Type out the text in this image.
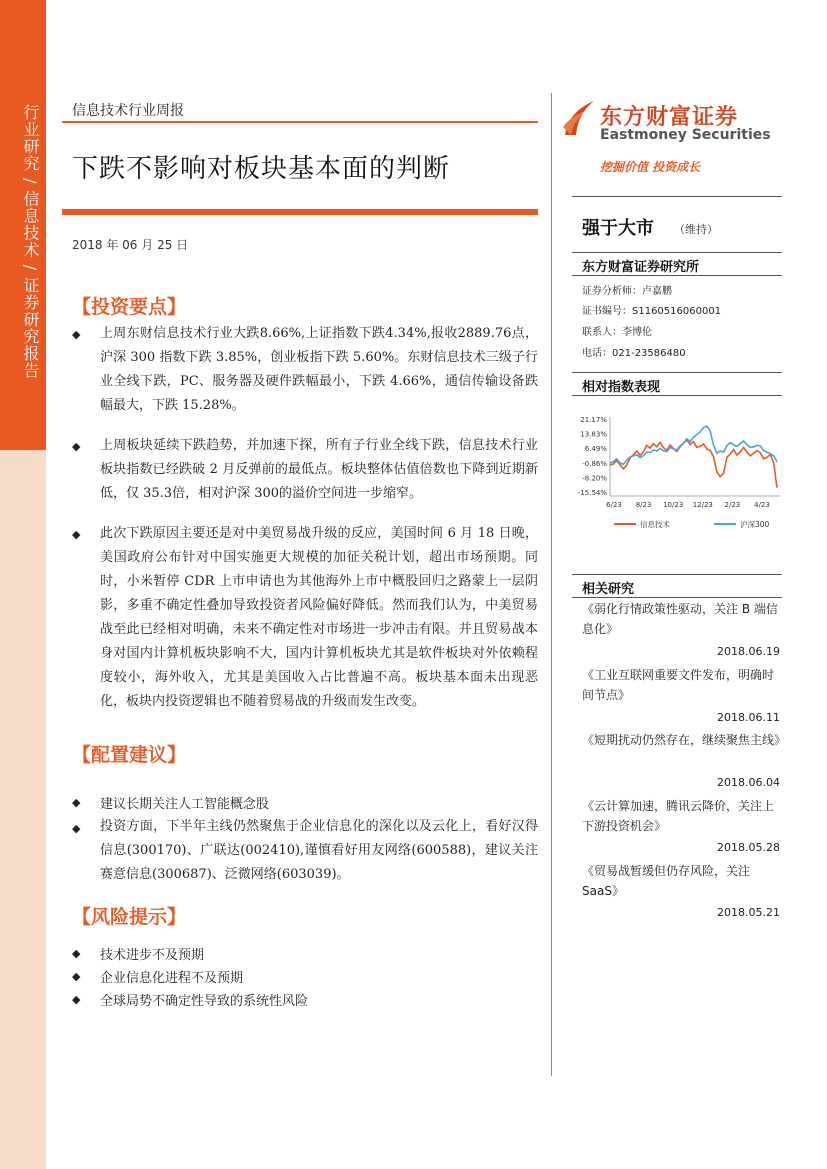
行业研究 / 信息技术 / 证券研究报告 信息技术行业周报
下跌不影响对板块基本面的判断
2018 年 06 月 25 日
【投资要点】
◆ 上周东财信息技术行业大跌8.66%,上证指数下跌4.34%,报收2889.76点，沪深 300 指数下跌 3.85%，创业板指下跌 5.60%。东财信息技术三级子行业全线下跌，PC、服务器及硬件跌幅最小，下跌 4.66%，通信传输设备跌幅最大，下跌 15.28%。
◆ 上周板块延续下跌趋势，并加速下探，所有子行业全线下跌，信息技术行业板块指数已经跌破 2 月反弹前的最低点。板块整体估值倍数也下降到近期新低，仅 35.3倍，相对沪深 300的溢价空间进一步缩窄。
◆ 此次下跌原因主要还是对中美贸易战升级的反应，美国时间 6 月 18 日晚，美国政府公布针对中国实施更大规模的加征关税计划，超出市场预期。同时，小米暂停 CDR 上市申请也为其他海外上市中概股回归之路蒙上一层阴影，多重不确定性叠加导致投资者风险偏好降低。然而我们认为，中美贸易战至此已经相对明确，未来不确定性对市场进一步冲击有限。并且贸易战本身对国内计算机板块影响不大，国内计算机板块尤其是软件板块对外依赖程度较小，海外收入，尤其是美国收入占比普遍不高。板块基本面未出现恶化，板块内投资逻辑也不随着贸易战的升级而发生改变。
【配置建议】
◆ 建议长期关注人工智能概念股
◆ 投资方面，下半年主线仍然聚焦于企业信息化的深化以及云化上，看好汉得信息(300170)、广联达(002410),谨慎看好用友网络(600588)，建议关注赛意信息(300687)、泛微网络(603039)。
【风险提示】
◆ 技术进步不及预期
◆ 企业信息化进程不及预期
◆ 全球局势不确定性导致的系统性风险
东方财富证券
Eastmoney Securities
挖掘价值 投资成长
强于大市 （维持）
东方财富证券研究所
证券分析师：卢嘉鹏
证书编号：S1160516060001
联系人：李博伦
电话：021-23586480
相对指数表现
21.17%
13.83%
6.49%
-0.86%
-8.20%
-15.54%
6/23 8/23 10/23 12/23 2/23 4/23
信息技术	沪深300
相关研究
《弱化行情政策性驱动，关注 B 端信息化》
2018.06.19
《工业互联网重要文件发布，明确时间节点》
2018.06.11
《短期扰动仍然存在，继续聚焦主线》
2018.06.04
《云计算加速，腾讯云降价，关注上下游投资机会》
2018.05.28
《贸易战暂缓但仍存风险，关注SaaS》
2018.05.21
